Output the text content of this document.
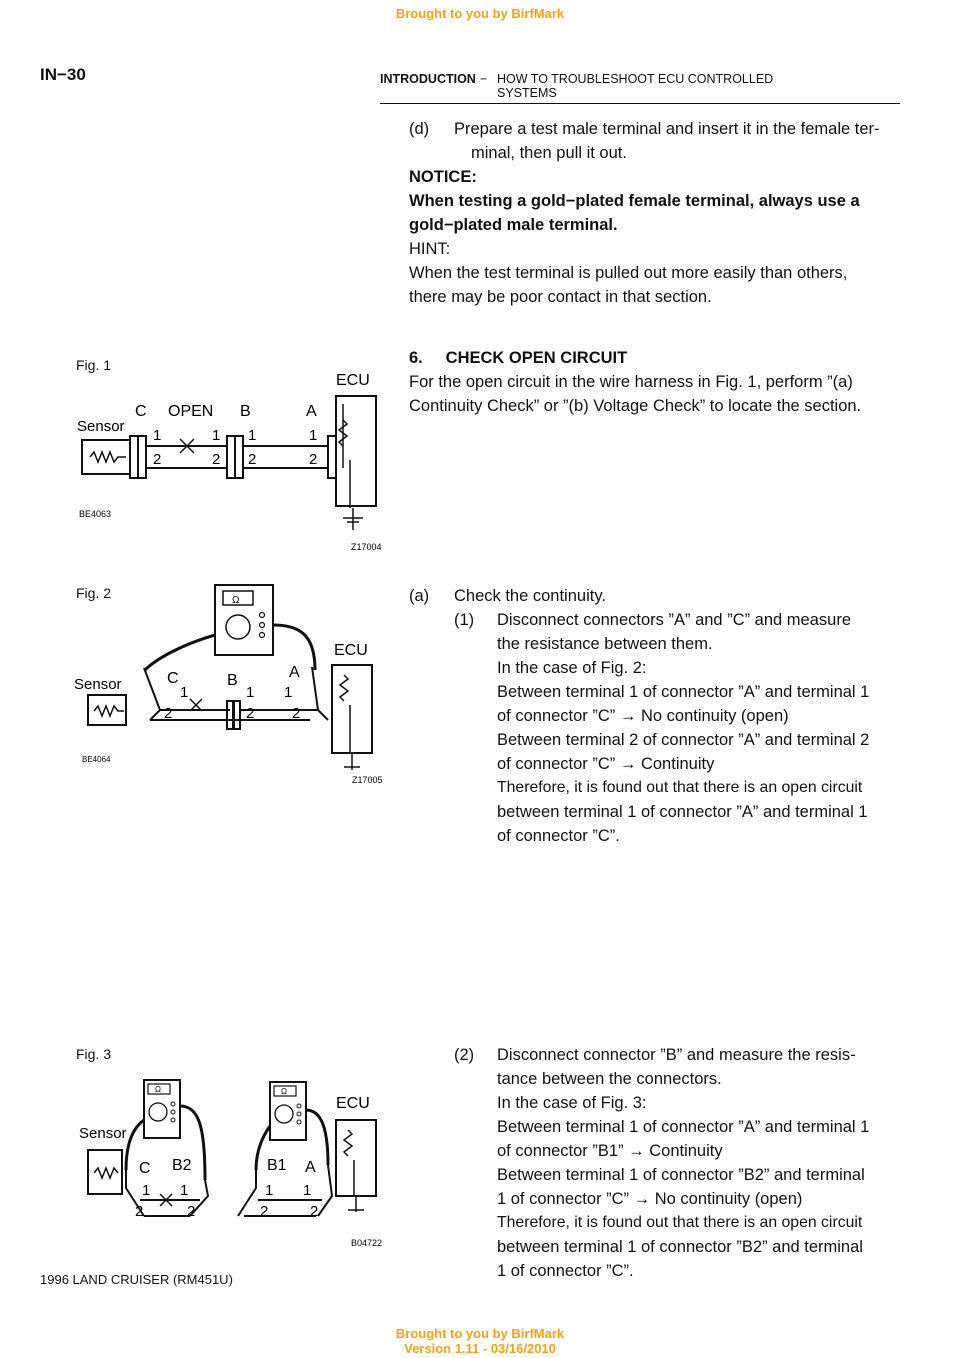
Brought to you by BirfMark
Brought to you by BirfMark
Version 1.11 - 03/16/2010
IN−30	INTRODUCTION − HOW TO TROUBLESHOOT ECU CONTROLLED
SYSTEMS
(d) Prepare a test male terminal and insert it in the female ter-
minal, then pull it out.
NOTICE:
When testing a gold−plated female terminal, always use a
gold−plated male terminal.
HINT:
When the test terminal is pulled out more easily than others,
there may be poor contact in that section.
6.     CHECK OPEN CIRCUIT
For the open circuit in the wire harness in Fig. 1, perform ”(a)
Continuity Check” or ”(b) Voltage Check” to locate the section.
(a) Check the continuity.
(1) Disconnect connectors ”A” and ”C” and measure
the resistance between them.
In the case of Fig. 2:
Between terminal 1 of connector ”A” and terminal 1
of connector ”C” → No continuity (open)
Between terminal 2 of connector ”A” and terminal 2
of connector ”C” → Continuity
Therefore, it is found out that there is an open circuit
between terminal 1 of connector ”A” and terminal 1
of connector ”C”.
(2) Disconnect connector ”B” and measure the resis-
tance between the connectors.
In the case of Fig. 3:
Between terminal 1 of connector ”A” and terminal 1
of connector ”B1” → Continuity
Between terminal 1 of connector ”B2” and terminal
1 of connector ”C” → No continuity (open)
Therefore, it is found out that there is an open circuit
between terminal 1 of connector ”B2” and terminal
1 of connector ”C”.
Fig. 1
ECU
Sensor
C OPEN B	A
1
2
1
2
1
2
1
2
BE4063
Z17004
Fig. 2	Ω
ECU
Sensor	C	B	A
1
2
1
2
1
2
BE4064
Z17005
Fig. 3
Ω	Ω
ECU
Sensor
C B2	B1 A
1
2
1
2
1
2
1
2
B04722
1996 LAND CRUISER (RM451U)
